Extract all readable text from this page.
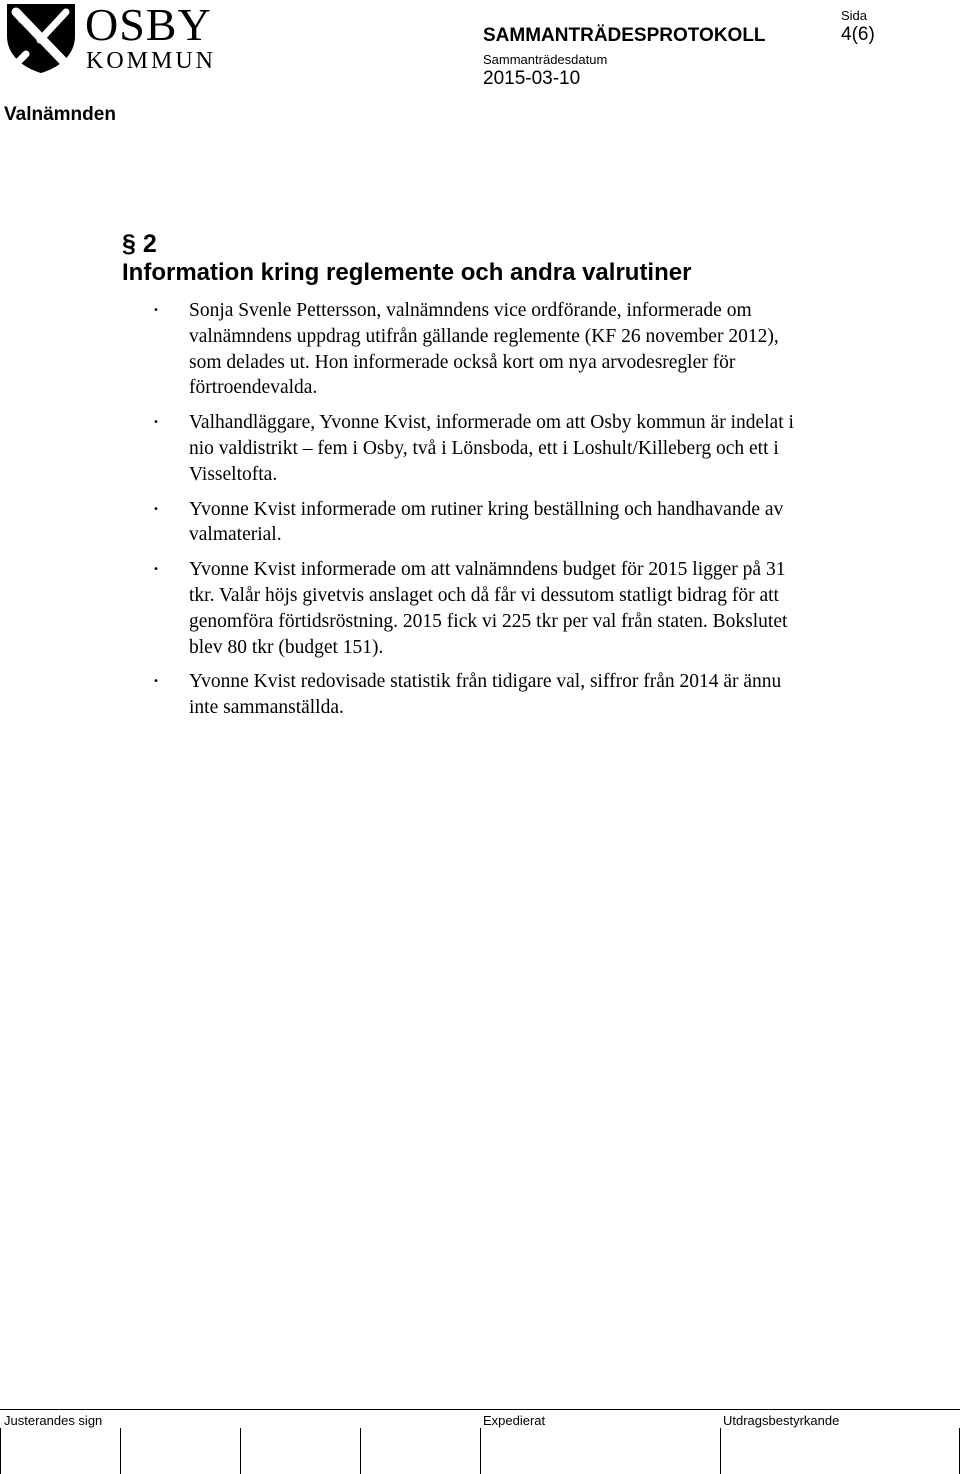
OSBY
KOMMUN
SAMMANTRÄDESPROTOKOLL
Sammanträdesdatum
2015-03-10
Sida
4(6)
Valnämnden
§ 2
Information kring reglemente och andra valrutiner
• Sonja Svenle Pettersson, valnämndens vice ordförande, informerade om valnämndens uppdrag utifrån gällande reglemente (KF 26 november 2012), som delades ut. Hon informerade också kort om nya arvodesregler för förtroendevalda.
• Valhandläggare, Yvonne Kvist, informerade om att Osby kommun är indelat i nio valdistrikt – fem i Osby, två i Lönsboda, ett i Loshult/Killeberg och ett i Visseltofta.
• Yvonne Kvist informerade om rutiner kring beställning och handhavande av valmaterial.
• Yvonne Kvist informerade om att valnämndens budget för 2015 ligger på 31 tkr. Valår höjs givetvis anslaget och då får vi dessutom statligt bidrag för att genomföra förtidsröstning. 2015 fick vi 225 tkr per val från staten. Bokslutet blev 80 tkr (budget 151).
• Yvonne Kvist redovisade statistik från tidigare val, siffror från 2014 är ännu inte sammanställda.
Justerandes sign	Expedierat	Utdragsbestyrkande
